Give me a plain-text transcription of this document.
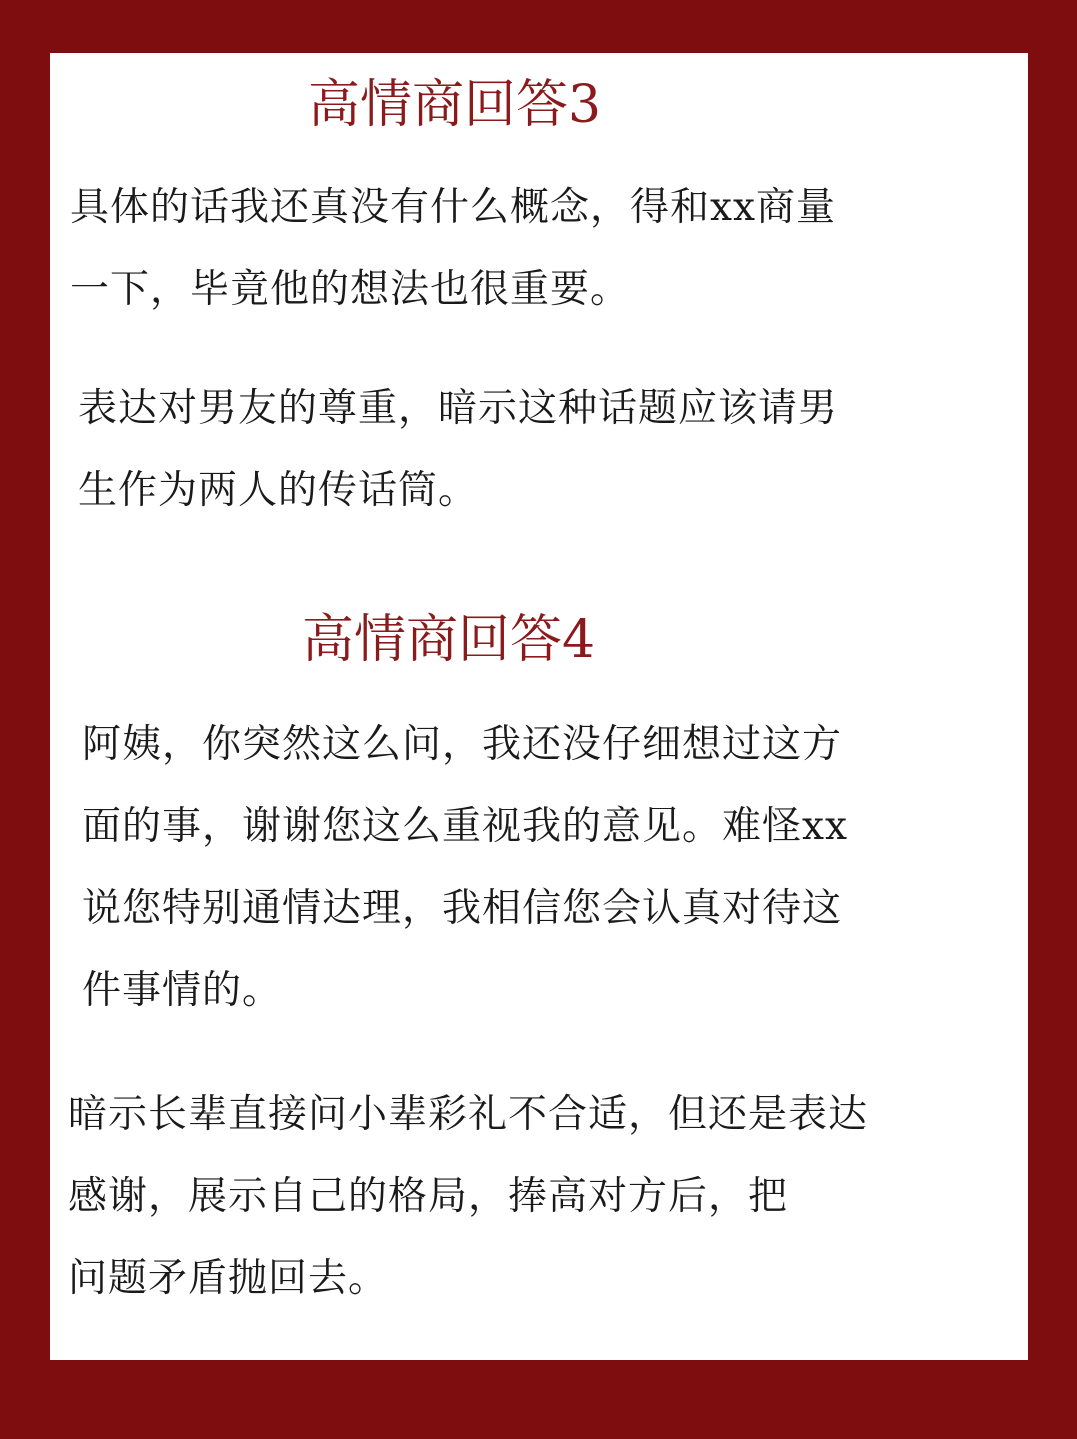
高情商回答3

具体的话我还真没有什么概念，得和xx商量
一下，毕竟他的想法也很重要。

表达对男友的尊重，暗示这种话题应该请男
生作为两人的传话筒。

高情商回答4

阿姨，你突然这么问，我还没仔细想过这方
面的事，谢谢您这么重视我的意见。难怪xx
说您特别通情达理，我相信您会认真对待这
件事情的。

暗示长辈直接问小辈彩礼不合适，但还是表达
感谢，展示自己的格局，捧高对方后，把
问题矛盾抛回去。
